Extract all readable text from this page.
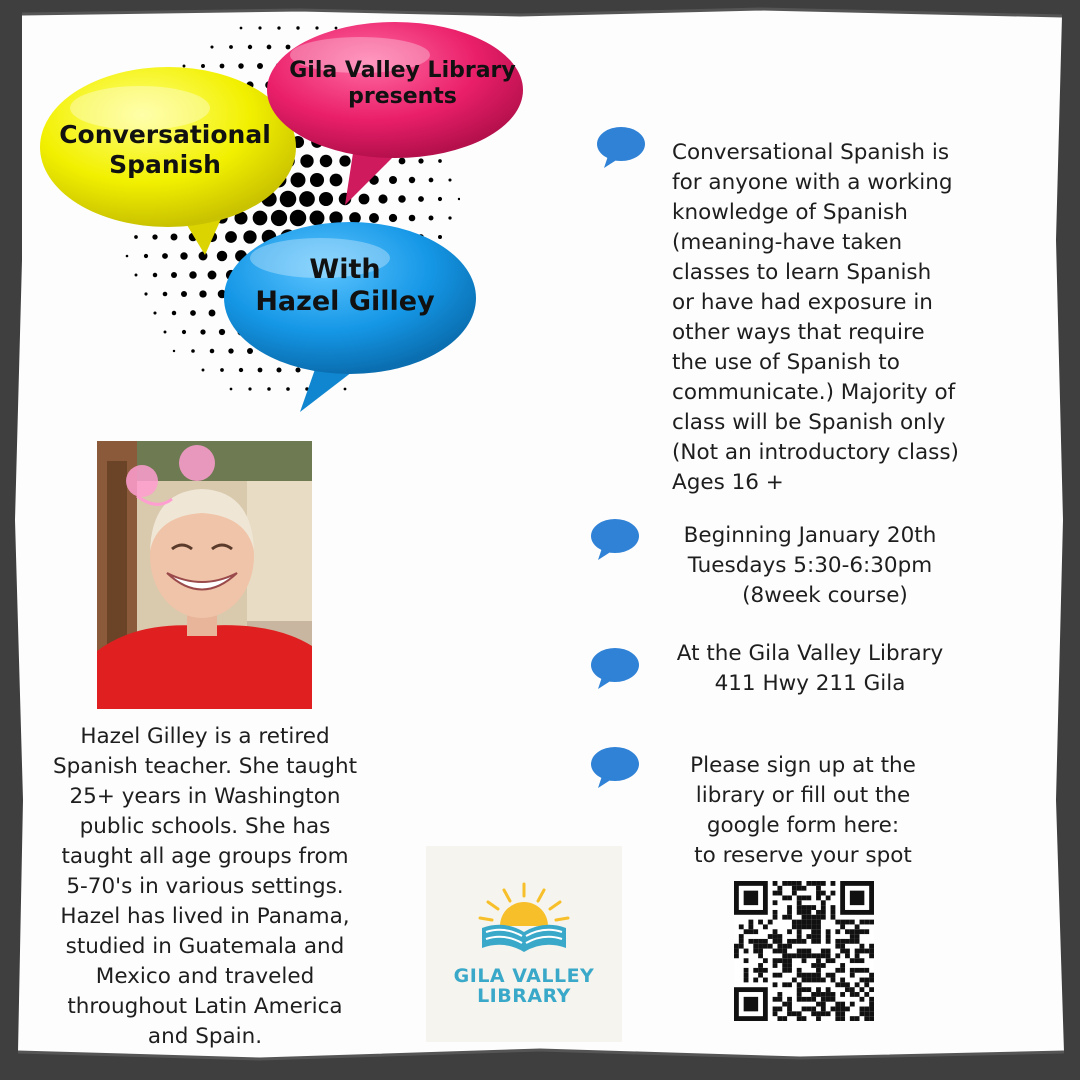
Conversational
Spanish
Gila Valley Library
presents
With
Hazel Gilley
Hazel Gilley is a retired
Spanish teacher. She taught
25+ years in Washington
public schools. She has
taught all age groups from
5-70's in various settings.
Hazel has lived in Panama,
studied in Guatemala and
Mexico and traveled
throughout Latin America
and Spain.
Conversational Spanish is
for anyone with a working
knowledge of Spanish
(meaning-have taken
classes to learn Spanish
or have had exposure in
other ways that require
the use of Spanish to
communicate.) Majority of
class will be Spanish only
(Not an introductory class)
Ages 16 +
Beginning January 20th
Tuesdays 5:30-6:30pm
(8week course)
At the Gila Valley Library
411 Hwy 211 Gila
Please sign up at the
library or fill out the
google form here:
to reserve your spot
GILA VALLEY
LIBRARY
